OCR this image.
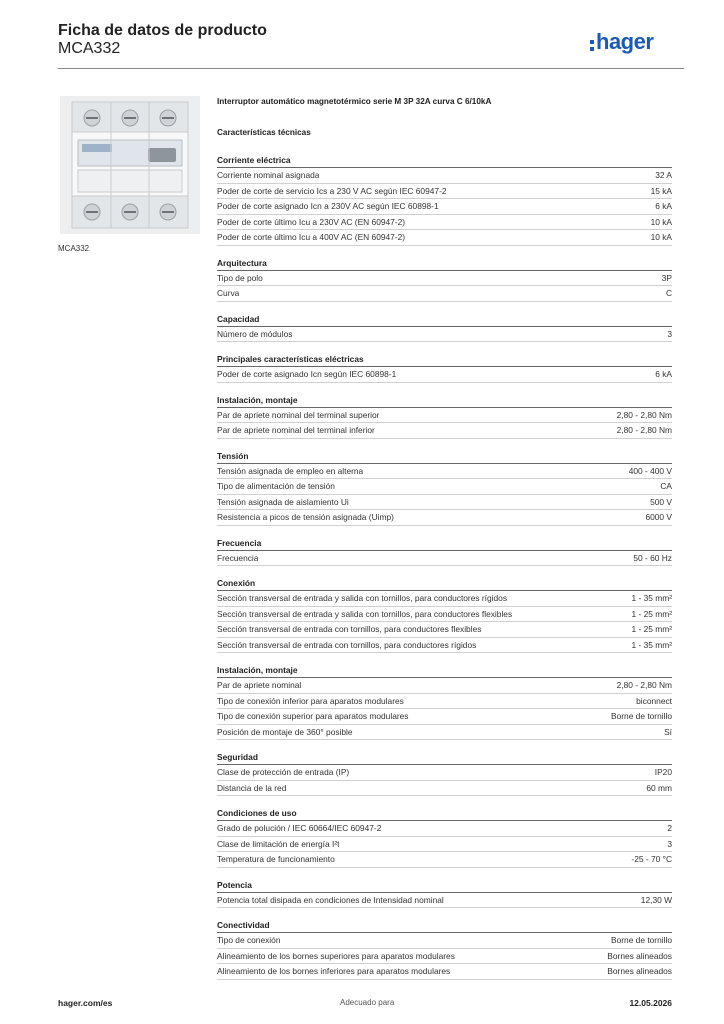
Ficha de datos de producto
MCA332	hager
MCA332
Interruptor automático magnetotérmico serie M 3P 32A curva C 6/10kA
Características técnicas
Corriente eléctrica
Corriente nominal asignada	32 A
Poder de corte de servicio Ics a 230 V AC según IEC 60947-2	15 kA
Poder de corte asignado Icn a 230V AC según IEC 60898-1	6 kA
Poder de corte último Icu a 230V AC (EN 60947-2)	10 kA
Poder de corte último Icu a 400V AC (EN 60947-2)	10 kA
Arquitectura
Tipo de polo	3P
Curva	C
Capacidad
Número de módulos	3
Principales características eléctricas
Poder de corte asignado Icn según IEC 60898-1	6 kA
Instalación, montaje
Par de apriete nominal del terminal superior	2,80 - 2,80 Nm
Par de apriete nominal del terminal inferior	2,80 - 2,80 Nm
Tensión
Tensión asignada de empleo en alterna	400 - 400 V
Tipo de alimentación de tensión	CA
Tensión asignada de aislamiento Ui	500 V
Resistencia a picos de tensión asignada (Uimp)	6000 V
Frecuencia
Frecuencia	50 - 60 Hz
Conexión
Sección transversal de entrada y salida con tornillos, para conductores rígidos	1 - 35 mm²
Sección transversal de entrada y salida con tornillos, para conductores flexibles	1 - 25 mm²
Sección transversal de entrada con tornillos, para conductores flexibles	1 - 25 mm²
Sección transversal de entrada con tornillos, para conductores rígidos	1 - 35 mm²
Instalación, montaje
Par de apriete nominal	2,80 - 2,80 Nm
Tipo de conexión inferior para aparatos modulares	biconnect
Tipo de conexión superior para aparatos modulares	Borne de tornillo
Posición de montaje de 360° posible	Sí
Seguridad
Clase de protección de entrada (IP)	IP20
Distancia de la red	60 mm
Condiciones de uso
Grado de polución / IEC 60664/IEC 60947-2	2
Clase de limitación de energía I²t	3
Temperatura de funcionamiento	-25 - 70 °C
Potencia
Potencia total disipada en condiciones de Intensidad nominal	12,30 W
Conectividad
Tipo de conexión	Borne de tornillo
Alineamiento de los bornes superiores para aparatos modulares	Bornes alineados
Alineamiento de los bornes inferiores para aparatos modulares	Bornes alineados
hager.com/es	Adecuado para	12.05.2026
